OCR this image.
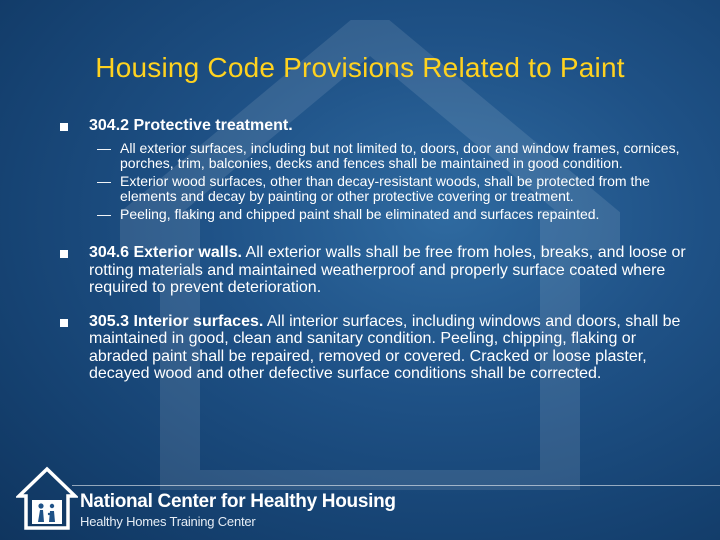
Housing Code Provisions Related to Paint
304.2 Protective treatment.
— All exterior surfaces, including but not limited to, doors, door and window frames, cornices, porches, trim, balconies, decks and fences shall be maintained in good condition.
— Exterior wood surfaces, other than decay-resistant woods, shall be protected from the elements and decay by painting or other protective covering or treatment.
— Peeling, flaking and chipped paint shall be eliminated and surfaces repainted.
304.6 Exterior walls. All exterior walls shall be free from holes, breaks, and loose or rotting materials and maintained weatherproof and properly surface coated where required to prevent deterioration.
305.3 Interior surfaces. All interior surfaces, including windows and doors, shall be maintained in good, clean and sanitary condition. Peeling, chipping, flaking or abraded paint shall be repaired, removed or covered. Cracked or loose plaster, decayed wood and other defective surface conditions shall be corrected.
National Center for Healthy Housing
Healthy Homes Training Center
